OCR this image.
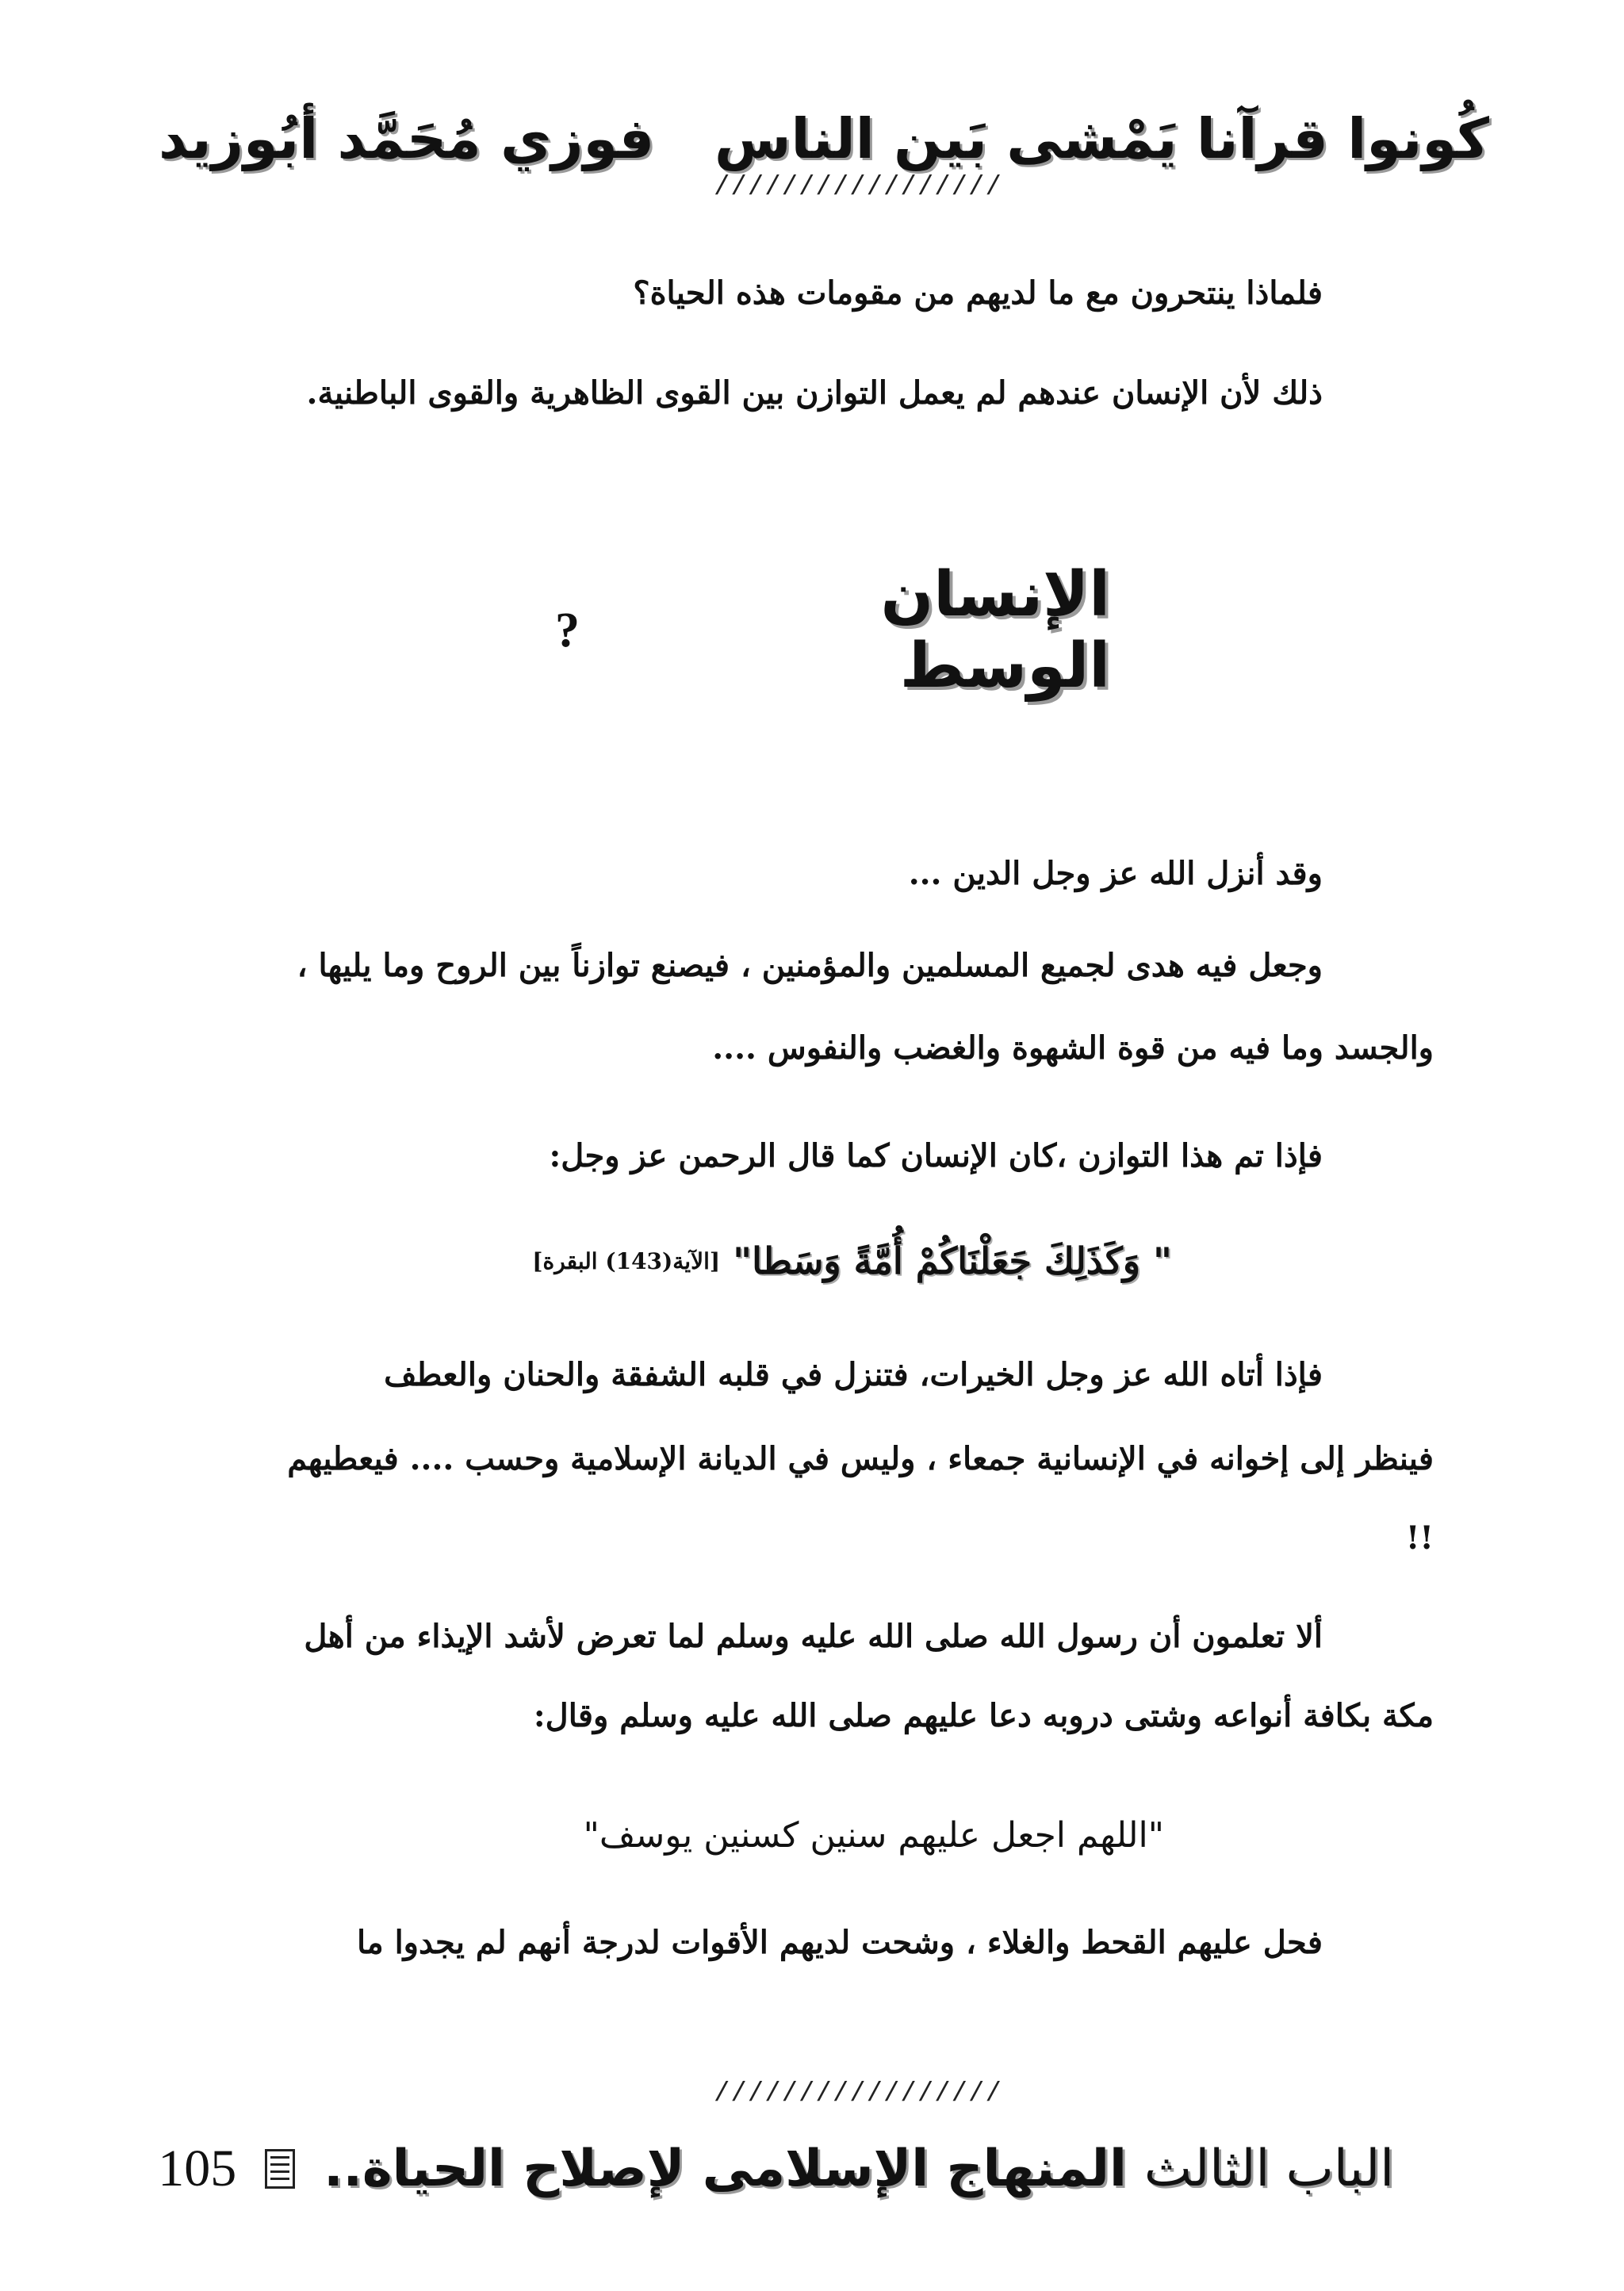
كُونوا قرآنا يَمْشى بَين الناس
فوزي مُحَمَّد أبُوزيد
/////////////////
فلماذا ينتحرون مع ما لديهم من مقومات هذه الحياة؟
ذلك لأن الإنسان عندهم لم يعمل التوازن بين القوى الظاهرية والقوى الباطنية.
الإنسان الوسط
?
وقد أنزل الله عز وجل الدين ...
وجعل فيه هدى لجميع المسلمين والمؤمنين ، فيصنع توازناً بين الروح وما يليها ،
والجسد وما فيه من قوة الشهوة والغضب والنفوس ....
فإذا تم هذا التوازن ،كان الإنسان كما قال الرحمن عز وجل:
" وَكَذَلِكَ جَعَلْنَاكُمْ أُمَّةً وَسَطا"
[الآية(143) البقرة]
فإذا أتاه الله عز وجل الخيرات، فتنزل في قلبه الشفقة والحنان والعطف
فينظر إلى إخوانه في الإنسانية جمعاء ، وليس في الديانة الإسلامية وحسب .... فيعطيهم
!!
ألا تعلمون أن رسول الله صلى الله عليه وسلم لما تعرض لأشد الإيذاء من أهل
مكة بكافة أنواعه وشتى دروبه دعا عليهم صلى الله عليه وسلم وقال:
"اللهم اجعل عليهم سنين كسنين يوسف"
فحل عليهم القحط والغلاء ، وشحت لديهم الأقوات لدرجة أنهم لم يجدوا ما
/////////////////
الباب الثالث
المنهاج الإسلامى لإصلاح الحياة..
105
